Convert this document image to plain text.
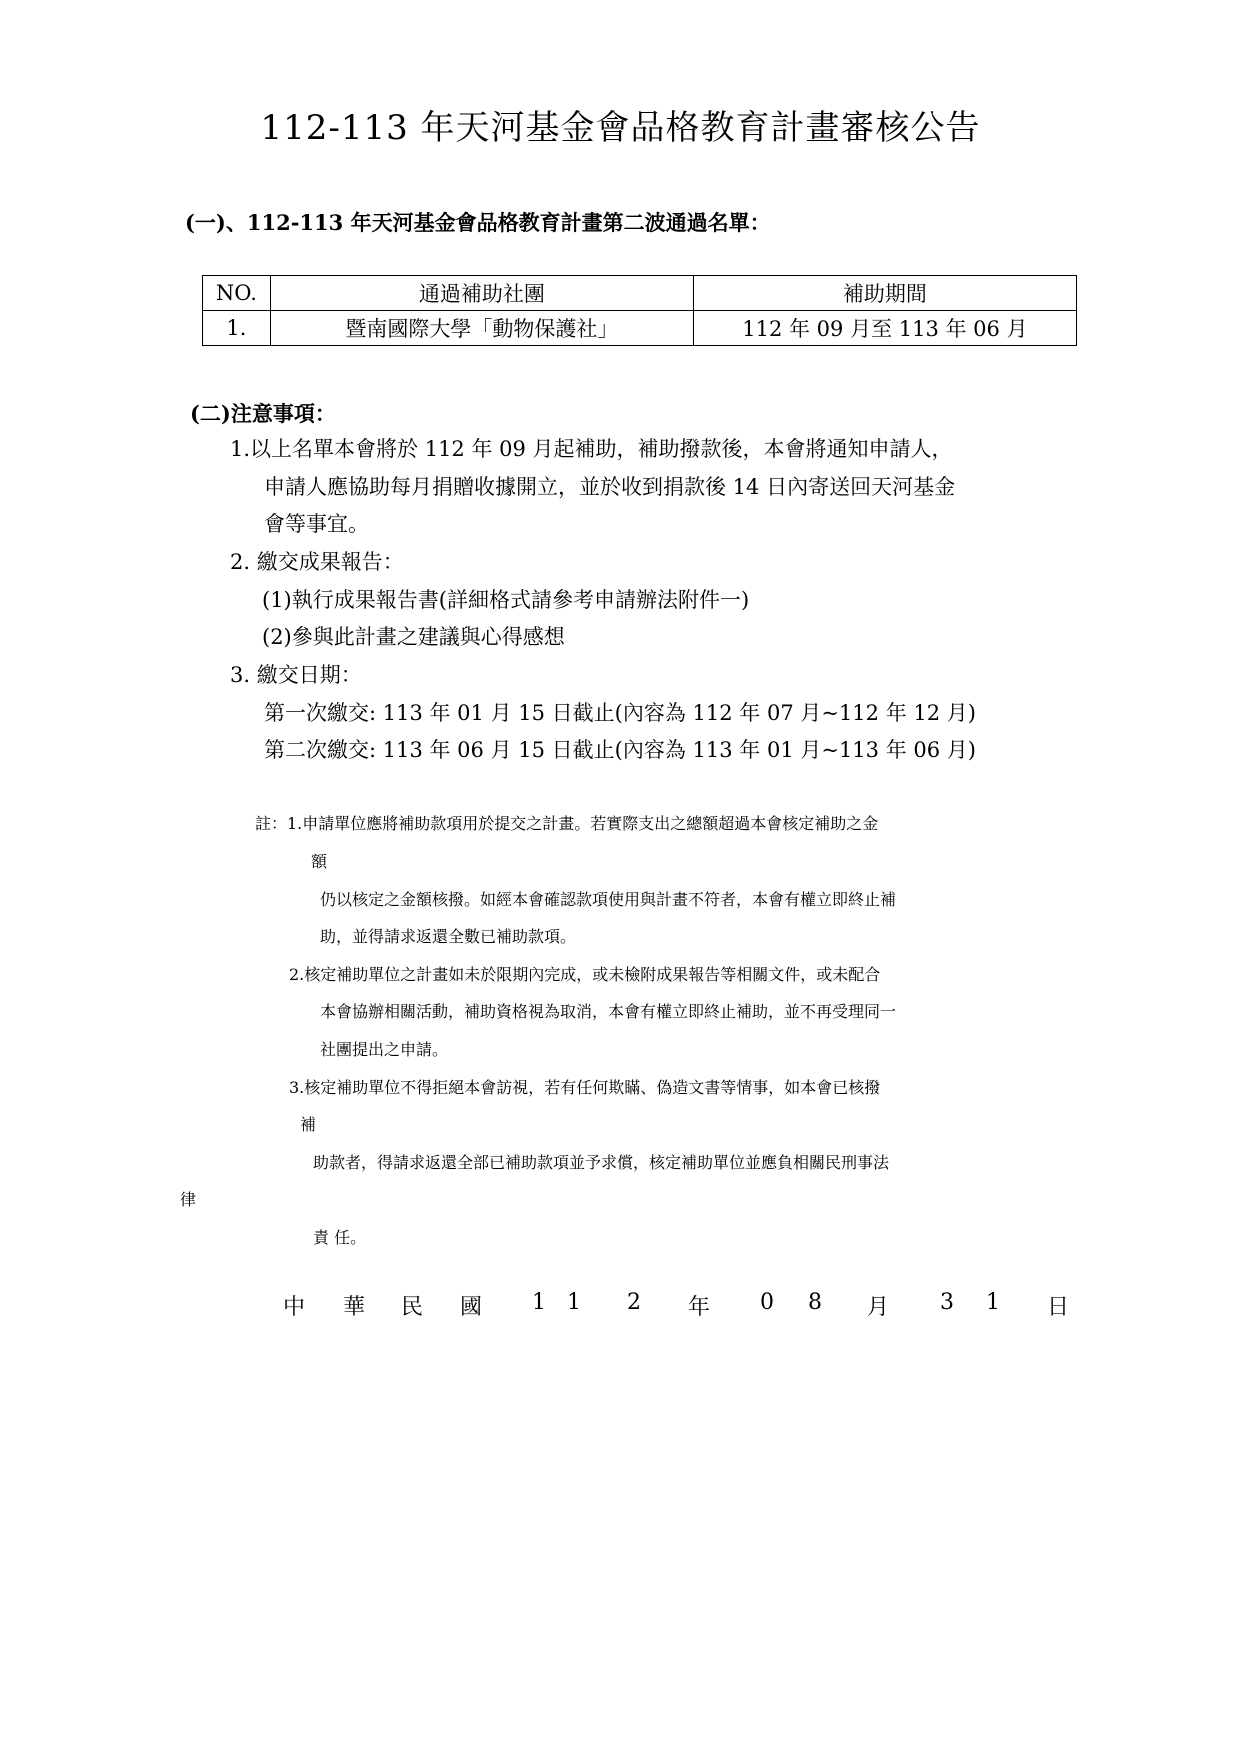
112-113 年天河基金會品格教育計畫審核公告
(一)、112-113 年天河基金會品格教育計畫第二波通過名單：
NO.	通過補助社團	補助期間
1.	暨南國際大學「動物保護社」	112 年 09 月至 113 年 06 月
(二)注意事項：
1.以上名單本會將於 112 年 09 月起補助，補助撥款後，本會將通知申請人，
申請人應協助每月捐贈收據開立，並於收到捐款後 14 日內寄送回天河基金
會等事宜。
2. 繳交成果報告：
(1)執行成果報告書(詳細格式請參考申請辦法附件一)
(2)參與此計畫之建議與心得感想
3. 繳交日期：
第一次繳交: 113 年 01 月 15 日截止(內容為 112 年 07 月~112 年 12 月)
第二次繳交: 113 年 06 月 15 日截止(內容為 113 年 01 月~113 年 06 月)
註：1.申請單位應將補助款項用於提交之計畫。若實際支出之總額超過本會核定補助之金
額
仍以核定之金額核撥。如經本會確認款項使用與計畫不符者，本會有權立即終止補
助，並得請求返還全數已補助款項。
2.核定補助單位之計畫如未於限期內完成，或未檢附成果報告等相關文件，或未配合
本會協辦相關活動，補助資格視為取消，本會有權立即終止補助，並不再受理同一
社團提出之申請。
3.核定補助單位不得拒絕本會訪視，若有任何欺瞞、偽造文書等情事，如本會已核撥
補
助款者，得請求返還全部已補助款項並予求償，核定補助單位並應負相關民刑事法
律
責 任。
中 華 民 國 1 1 2 年 0 8 月 3 1 日
